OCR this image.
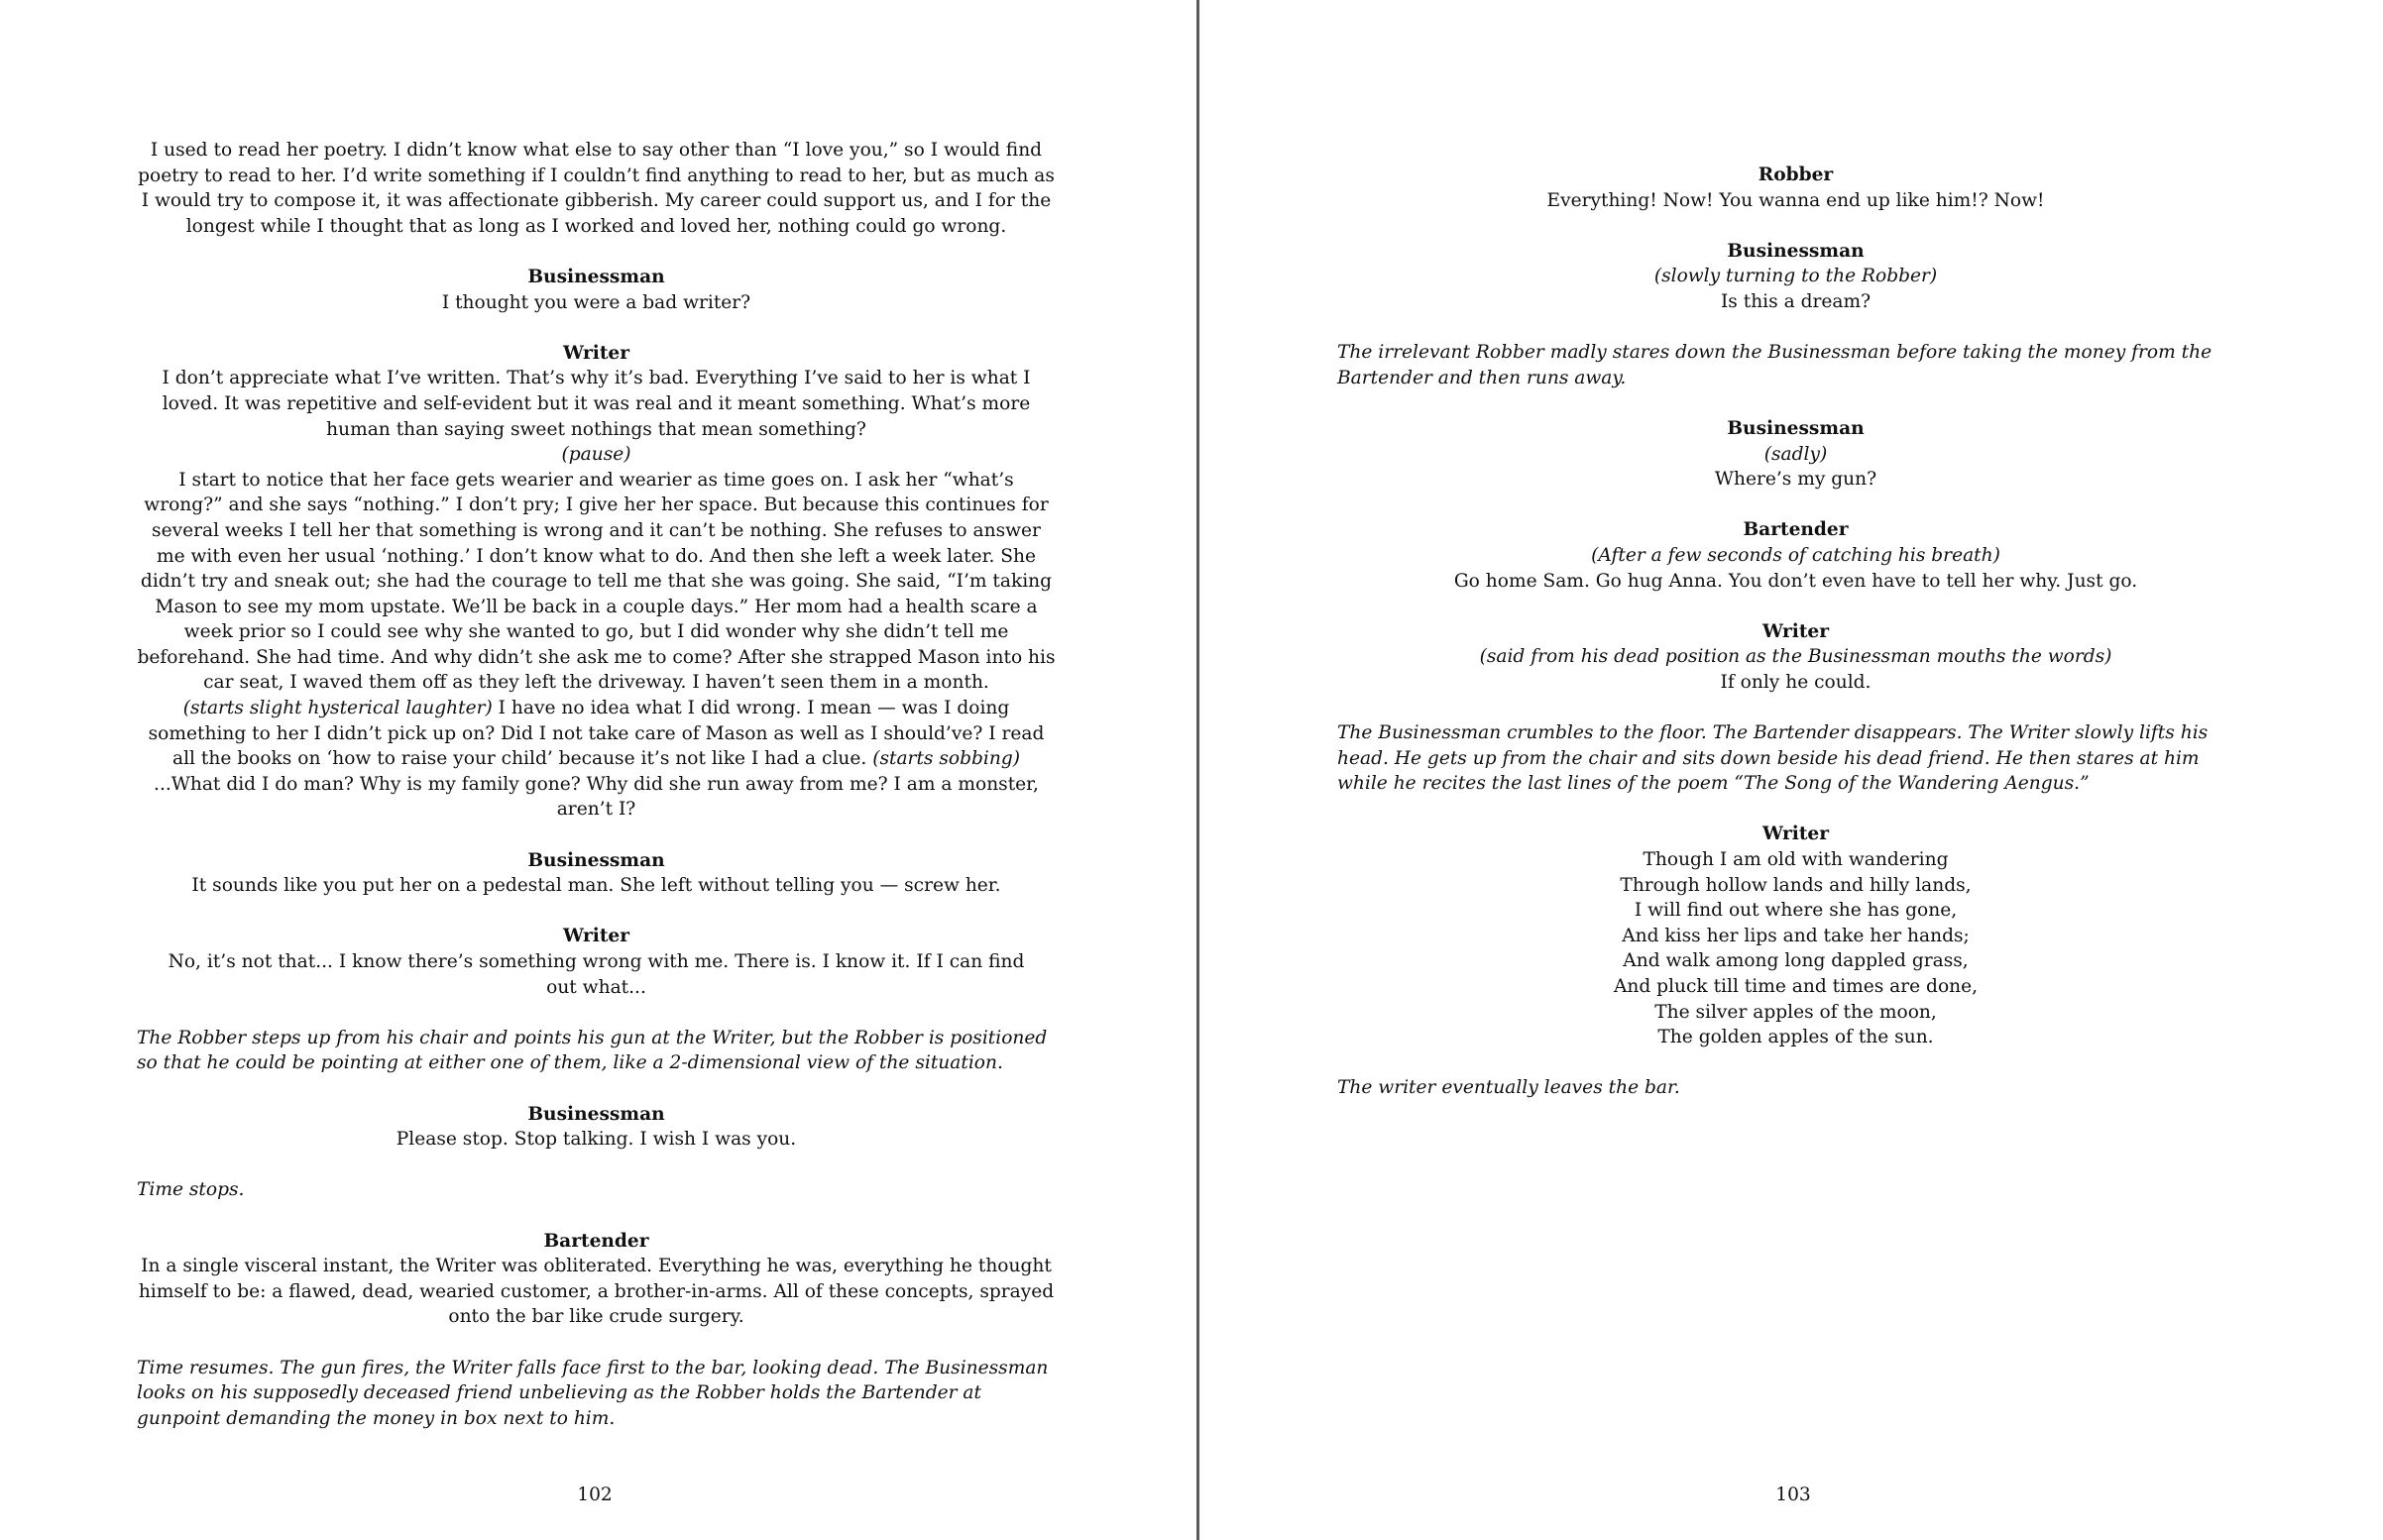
I used to read her poetry. I didn’t know what else to say other than “I love you,” so I would find poetry to read to her. I’d write something if I couldn’t find anything to read to her, but as much as I would try to compose it, it was affectionate gibberish. My career could support us, and I for the longest while I thought that as long as I worked and loved her, nothing could go wrong.
Businessman
I thought you were a bad writer?
Writer
I don’t appreciate what I’ve written. That’s why it’s bad. Everything I’ve said to her is what I loved. It was repetitive and self-evident but it was real and it meant something. What’s more human than saying sweet nothings that mean something?
(pause)
I start to notice that her face gets wearier and wearier as time goes on. I ask her “what’s wrong?” and she says “nothing.” I don’t pry; I give her her space. But because this continues for several weeks I tell her that something is wrong and it can’t be nothing. She refuses to answer me with even her usual ‘nothing.’ I don’t know what to do. And then she left a week later. She didn’t try and sneak out; she had the courage to tell me that she was going. She said, “I’m taking Mason to see my mom upstate. We’ll be back in a couple days.” Her mom had a health scare a week prior so I could see why she wanted to go, but I did wonder why she didn’t tell me beforehand. She had time. And why didn’t she ask me to come? After she strapped Mason into his car seat, I waved them off as they left the driveway. I haven’t seen them in a month.
(starts slight hysterical laughter) I have no idea what I did wrong. I mean — was I doing something to her I didn’t pick up on? Did I not take care of Mason as well as I should’ve? I read all the books on ‘how to raise your child’ because it’s not like I had a clue. (starts sobbing) ...What did I do man? Why is my family gone? Why did she run away from me? I am a monster, aren’t I?
Businessman
It sounds like you put her on a pedestal man. She left without telling you — screw her.
Writer
No, it’s not that... I know there’s something wrong with me. There is. I know it. If I can find out what...
The Robber steps up from his chair and points his gun at the Writer, but the Robber is positioned so that he could be pointing at either one of them, like a 2-dimensional view of the situation.
Businessman
Please stop. Stop talking. I wish I was you.
Time stops.
Bartender
In a single visceral instant, the Writer was obliterated. Everything he was, everything he thought himself to be: a flawed, dead, wearied customer, a brother-in-arms. All of these concepts, sprayed onto the bar like crude surgery.
Time resumes. The gun fires, the Writer falls face first to the bar, looking dead. The Businessman looks on his supposedly deceased friend unbelieving as the Robber holds the Bartender at gunpoint demanding the money in box next to him.
102
Robber
Everything! Now! You wanna end up like him!? Now!
Businessman
(slowly turning to the Robber)
Is this a dream?
The irrelevant Robber madly stares down the Businessman before taking the money from the Bartender and then runs away.
Businessman
(sadly)
Where’s my gun?
Bartender
(After a few seconds of catching his breath)
Go home Sam. Go hug Anna. You don’t even have to tell her why. Just go.
Writer
(said from his dead position as the Businessman mouths the words)
If only he could.
The Businessman crumbles to the floor. The Bartender disappears. The Writer slowly lifts his head. He gets up from the chair and sits down beside his dead friend. He then stares at him while he recites the last lines of the poem “The Song of the Wandering Aengus.”
Writer
Though I am old with wandering
Through hollow lands and hilly lands,
I will find out where she has gone,
And kiss her lips and take her hands;
And walk among long dappled grass,
And pluck till time and times are done,
The silver apples of the moon,
The golden apples of the sun.
The writer eventually leaves the bar.
103
